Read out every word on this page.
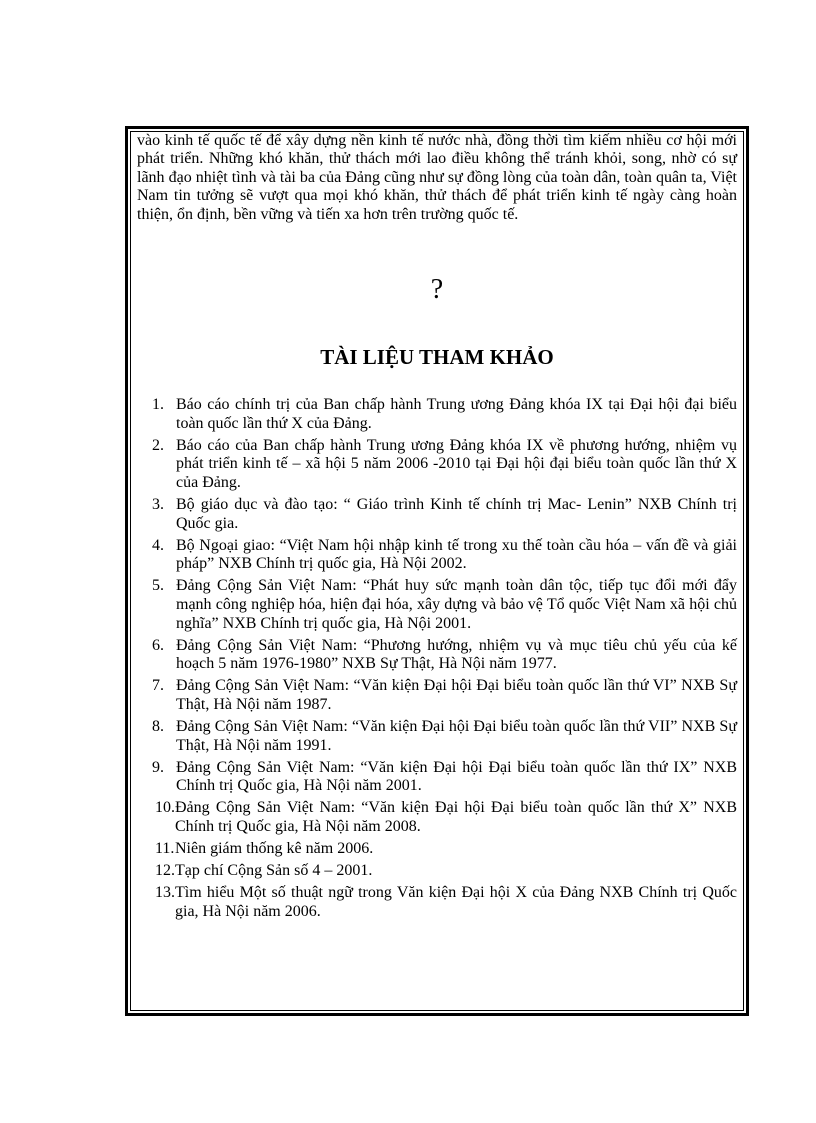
vào kinh tế quốc tế để xây dựng nền kinh tế nước nhà, đồng thời tìm kiếm nhiều cơ hội mới phát triển. Những khó khăn, thử thách mới lao điều không thể tránh khỏi, song, nhờ có sự lãnh đạo nhiệt tình và tài ba của Đảng cũng như sự đồng lòng của toàn dân, toàn quân ta, Việt Nam tin tưởng sẽ vượt qua mọi khó khăn, thử thách để phát triển kinh tế ngày càng hoàn thiện, ổn định, bền vững và tiến xa hơn trên trường quốc tế.

?
TÀI LIỆU THAM KHẢO
1. Báo cáo chính trị của Ban chấp hành Trung ương Đảng khóa IX tại Đại hội đại biểu toàn quốc lần thứ X của Đảng.
2. Báo cáo của Ban chấp hành Trung ương Đảng khóa IX về phương hướng, nhiệm vụ phát triển kinh tế – xã hội 5 năm 2006 -2010 tại Đại hội đại biểu toàn quốc lần thứ X của Đảng.
3. Bộ giáo dục và đào tạo: “ Giáo trình Kinh tế chính trị Mac- Lenin” NXB Chính trị Quốc gia.
4. Bộ Ngoại giao: “Việt Nam hội nhập kinh tế trong xu thế toàn cầu hóa – vấn đề và giải pháp” NXB Chính trị quốc gia, Hà Nội 2002.
5. Đảng Cộng Sản Việt Nam: “Phát huy sức mạnh toàn dân tộc, tiếp tục đổi mới đẩy mạnh công nghiệp hóa, hiện đại hóa, xây dựng và bảo vệ Tổ quốc Việt Nam xã hội chủ nghĩa” NXB Chính trị quốc gia, Hà Nội 2001.
6. Đảng Cộng Sản Việt Nam: “Phương hướng, nhiệm vụ và mục tiêu chủ yếu của kế hoạch 5 năm 1976-1980” NXB Sự Thật, Hà Nội năm 1977.
7. Đảng Cộng Sản Việt Nam: “Văn kiện Đại hội Đại biểu toàn quốc lần thứ VI” NXB Sự Thật, Hà Nội năm 1987.
8. Đảng Cộng Sản Việt Nam: “Văn kiện Đại hội Đại biểu toàn quốc lần thứ VII” NXB Sự Thật, Hà Nội năm 1991.
9. Đảng Cộng Sản Việt Nam: “Văn kiện Đại hội Đại biểu toàn quốc lần thứ IX” NXB Chính trị Quốc gia, Hà Nội năm 2001.
10. Đảng Cộng Sản Việt Nam: “Văn kiện Đại hội Đại biểu toàn quốc lần thứ X” NXB Chính trị Quốc gia, Hà Nội năm 2008.
11. Niên giám thống kê năm 2006.
12. Tạp chí Cộng Sản số 4 – 2001.
13. Tìm hiểu Một số thuật ngữ trong Văn kiện Đại hội X của Đảng NXB Chính trị Quốc gia, Hà Nội năm 2006.
